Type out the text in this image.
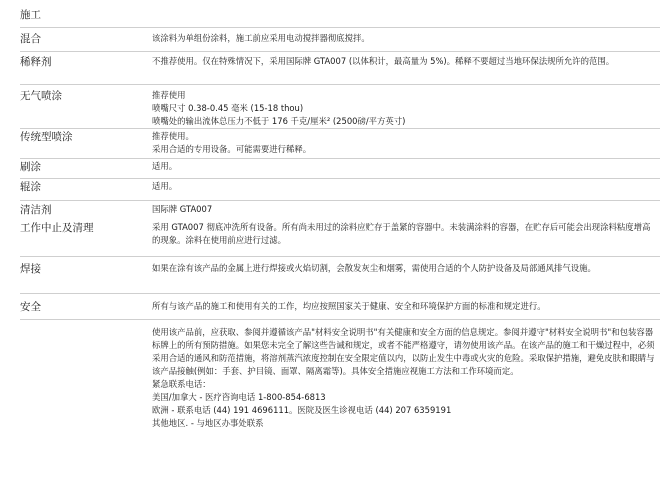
施工
混合	该涂料为单组份涂料，施工前应采用电动搅拌器彻底搅拌。

稀释剂	不推荐使用。仅在特殊情况下，采用国际牌 GTA007 (以体积计，最高量为 5%)。稀释不要超过当地环保法规所允许的范围。

无气喷涂	推荐使用

喷嘴尺寸 0.38-0.45 毫米 (15-18 thou)

喷嘴处的输出流体总压力不低于 176 千克/厘米² (2500磅/平方英寸)

传统型喷涂	推荐使用。

采用合适的专用设备。可能需要进行稀释。

刷涂	适用。

辊涂	适用。

清洁剂	国际牌 GTA007

工作中止及清理	采用 GTA007 彻底冲洗所有设备。所有尚未用过的涂料应贮存于盖紧的容器中。未装满涂料的容器，在贮存后可能会出现涂料粘度增高的现象。涂料在使用前应进行过滤。

焊接	如果在涂有该产品的金属上进行焊接或火焰切割，会散发灰尘和烟雾，需使用合适的个人防护设备及局部通风排气设施。

安全	所有与该产品的施工和使用有关的工作，均应按照国家关于健康、安全和环境保护方面的标准和规定进行。

使用该产品前，应获取、参阅并遵循该产品"材料安全说明书"有关健康和安全方面的信息规定。参阅并遵守"材料安全说明书"和包装容器标牌上的所有预防措施。如果您未完全了解这些告诫和规定，或者不能严格遵守，请勿使用该产品。在该产品的施工和干燥过程中，必须采用合适的通风和防范措施，将溶剂蒸汽浓度控制在安全限定值以内，以防止发生中毒或火灾的危险。采取保护措施，避免皮肤和眼睛与该产品接触(例如：手套、护目镜、面罩、隔离霜等)。具体安全措施应视施工方法和工作环境而定。

紧急联系电话：

美国/加拿大 - 医疗咨询电话 1-800-854-6813

欧洲 - 联系电话 (44) 191 4696111。医院及医生诊视电话 (44) 207 6359191

其他地区. - 与地区办事处联系
